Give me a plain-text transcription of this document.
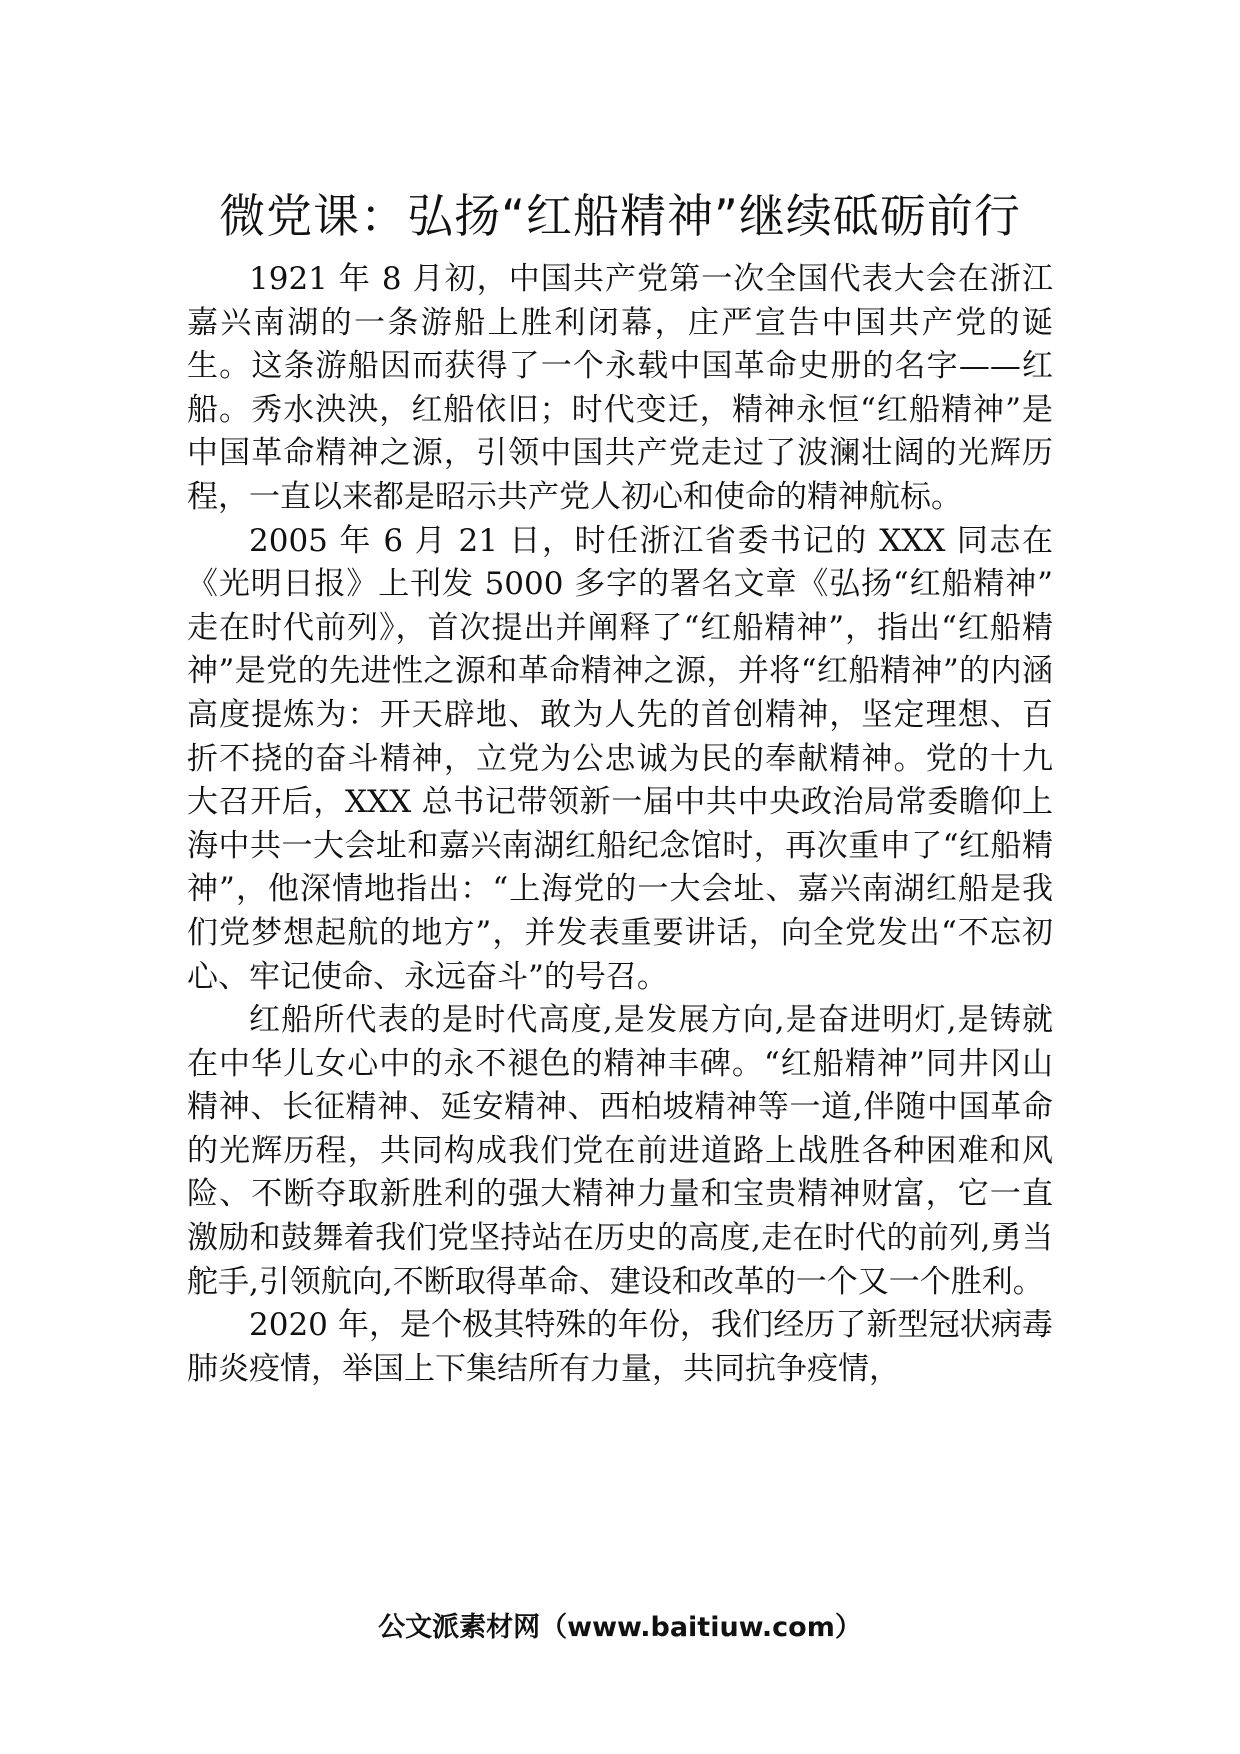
微党课：弘扬“红船精神”继续砥砺前行

1921 年 8 月初，中国共产党第一次全国代表大会在浙江嘉兴南湖的一条游船上胜利闭幕，庄严宣告中国共产党的诞生。这条游船因而获得了一个永载中国革命史册的名字——红船。秀水泱泱，红船依旧；时代变迁，精神永恒“红船精神”是中国革命精神之源，引领中国共产党走过了波澜壮阔的光辉历程，一直以来都是昭示共产党人初心和使命的精神航标。

2005 年 6 月 21 日，时任浙江省委书记的 XXX 同志在《光明日报》上刊发 5000 多字的署名文章《弘扬“红船精神” 走在时代前列》，首次提出并阐释了“红船精神”，指出“红船精神”是党的先进性之源和革命精神之源，并将“红船精神”的内涵高度提炼为：开天辟地、敢为人先的首创精神，坚定理想、百折不挠的奋斗精神，立党为公忠诚为民的奉献精神。党的十九大召开后，XXX 总书记带领新一届中共中央政治局常委瞻仰上海中共一大会址和嘉兴南湖红船纪念馆时，再次重申了“红船精神”，他深情地指出：“上海党的一大会址、嘉兴南湖红船是我们党梦想起航的地方”，并发表重要讲话，向全党发出“不忘初心、牢记使命、永远奋斗”的号召。

红船所代表的是时代高度,是发展方向,是奋进明灯,是铸就在中华儿女心中的永不褪色的精神丰碑。“红船精神”同井冈山精神、长征精神、延安精神、西柏坡精神等一道,伴随中国革命的光辉历程，共同构成我们党在前进道路上战胜各种困难和风险、不断夺取新胜利的强大精神力量和宝贵精神财富，它一直激励和鼓舞着我们党坚持站在历史的高度,走在时代的前列,勇当舵手,引领航向,不断取得革命、建设和改革的一个又一个胜利。

2020 年，是个极其特殊的年份，我们经历了新型冠状病毒肺炎疫情，举国上下集结所有力量，共同抗争疫情，

公文派素材网（www.baitiuw.com）
